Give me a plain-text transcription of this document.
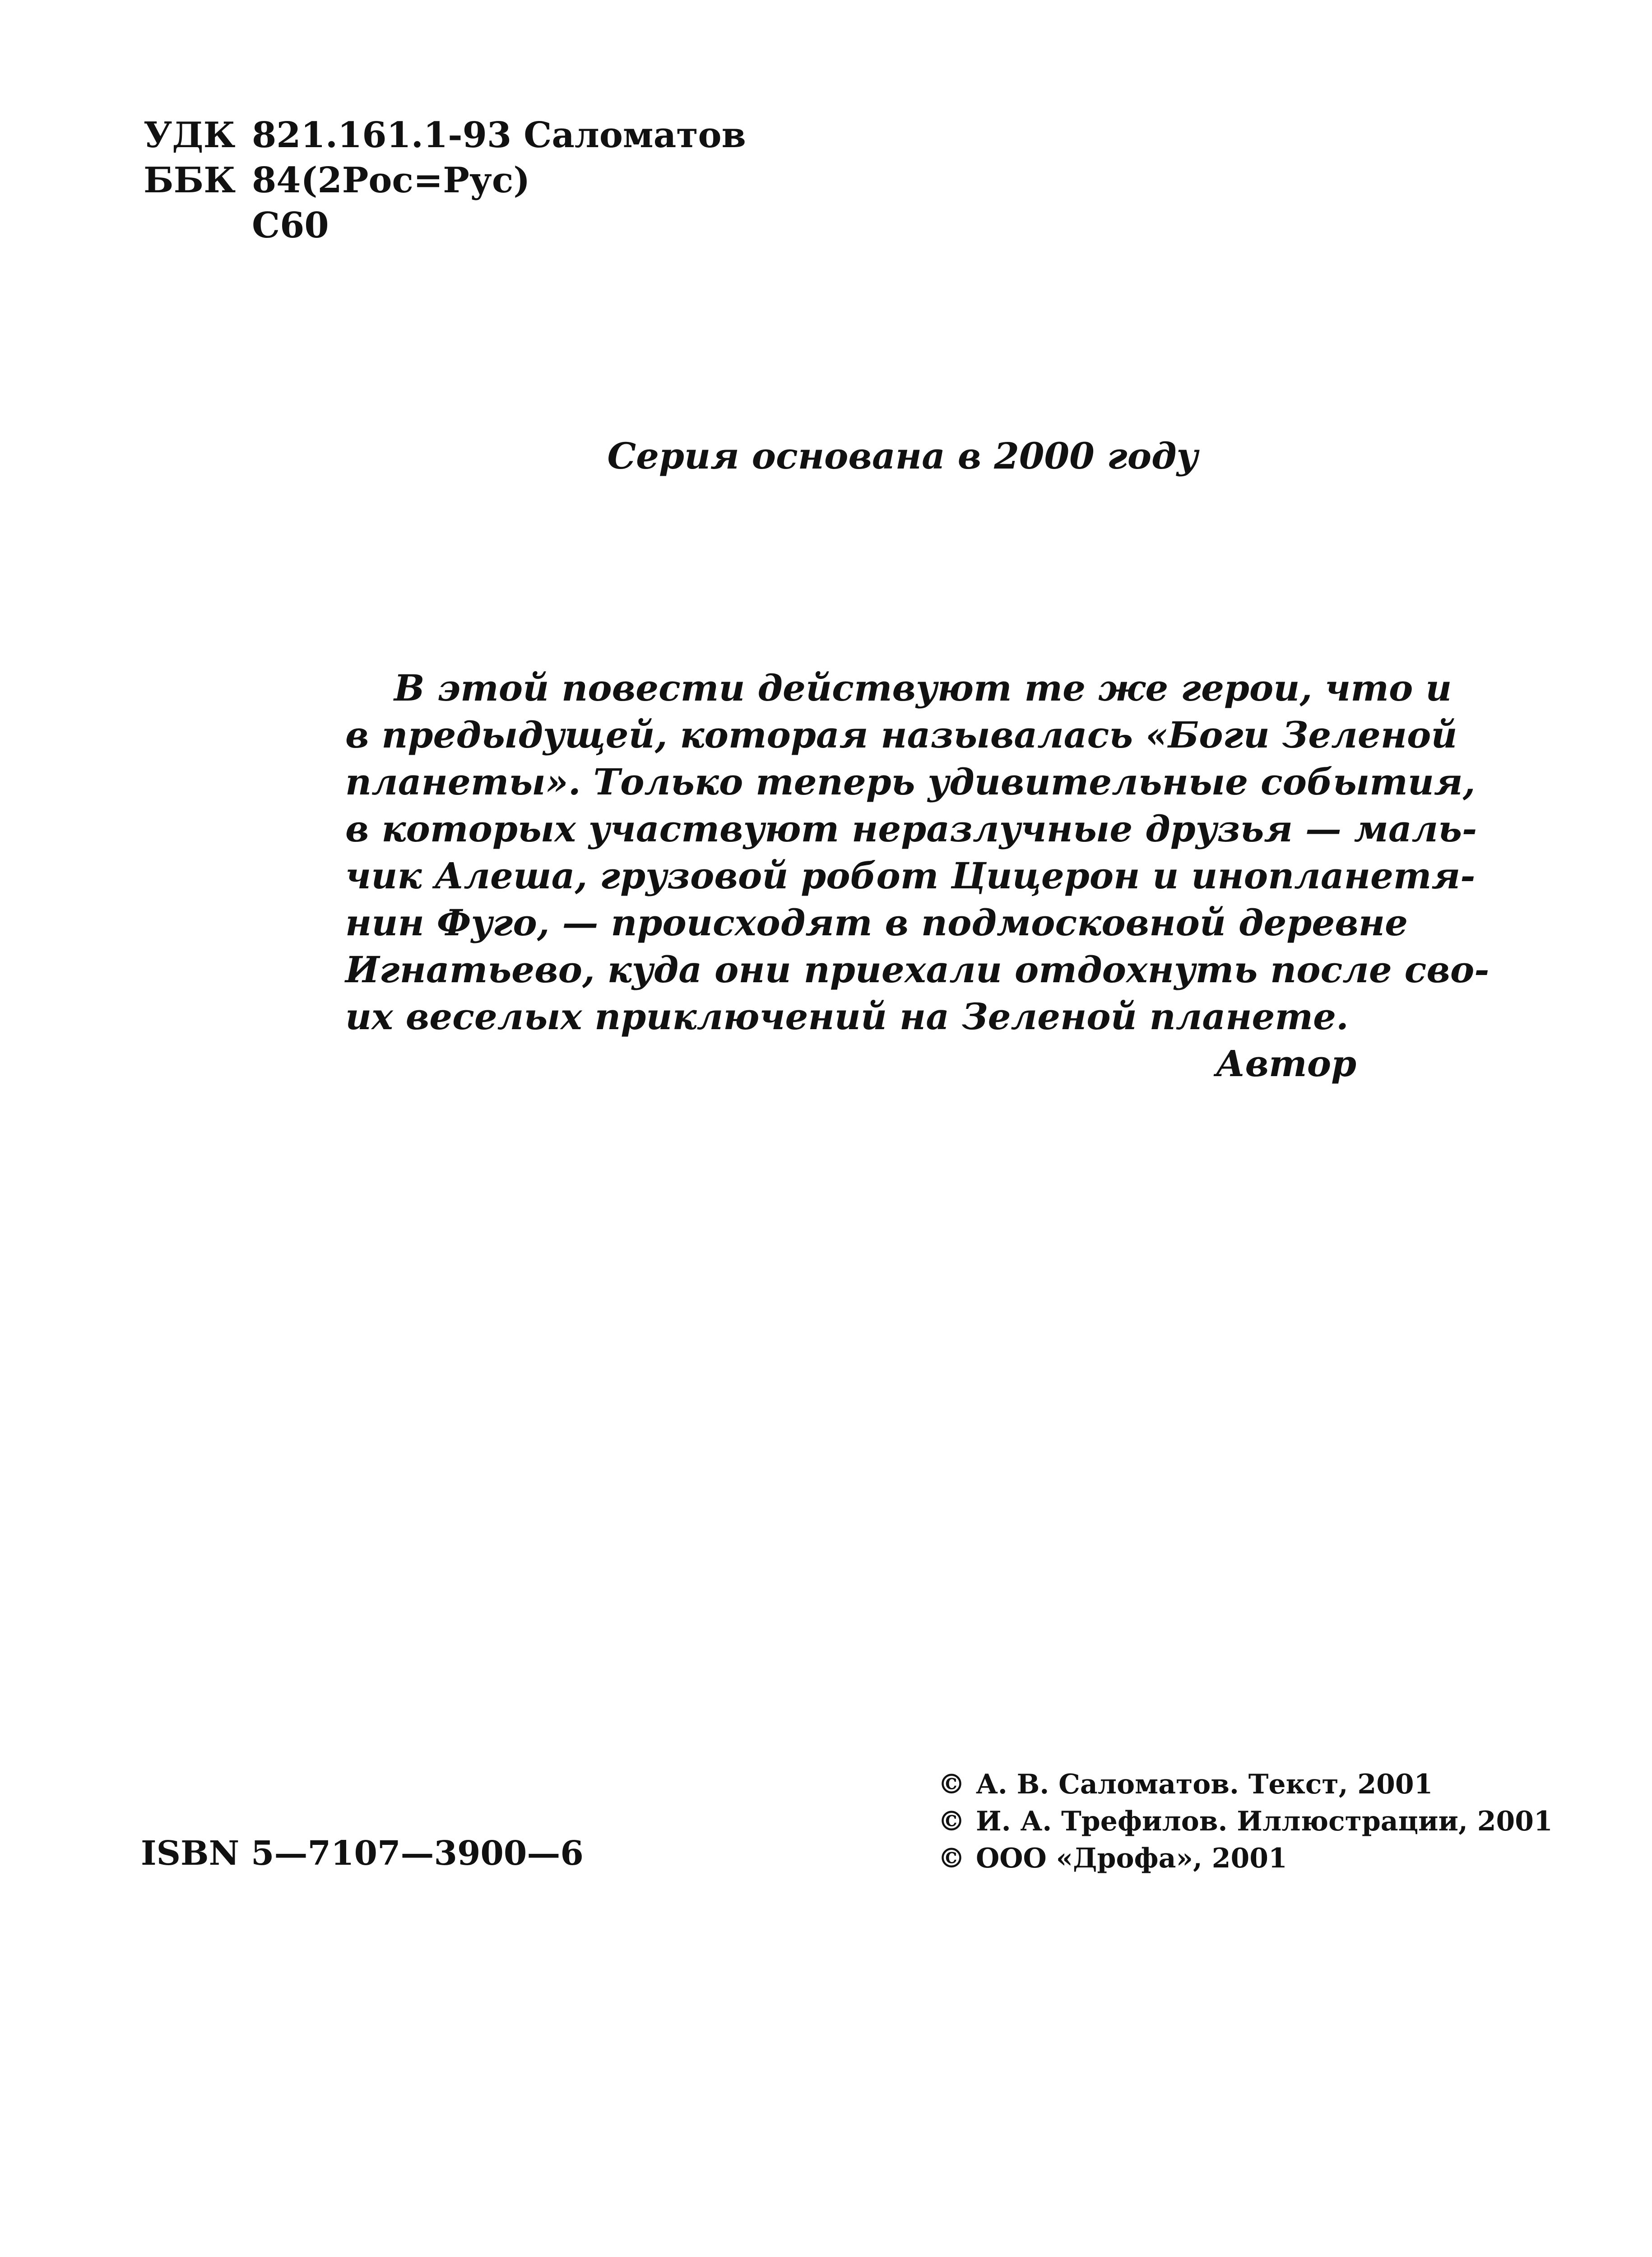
УДК 821.161.1-93 Саломатов
ББК 84(2Рос=Рус)
С60
Серия основана в 2000 году
В этой повести действуют те же герои, что и
в предыдущей, которая называлась «Боги Зеленой
планеты». Только теперь удивительные события,
в которых участвуют неразлучные друзья — маль-
чик Алеша, грузовой робот Цицерон и инопланетя-
нин Фуго, — происходят в подмосковной деревне
Игнатьево, куда они приехали отдохнуть после сво-
их веселых приключений на Зеленой планете.
Автор
ISBN 5—7107—3900—6
© А. В. Саломатов. Текст, 2001
© И. А. Трефилов. Иллюстрации, 2001
© ООО «Дрофа», 2001
